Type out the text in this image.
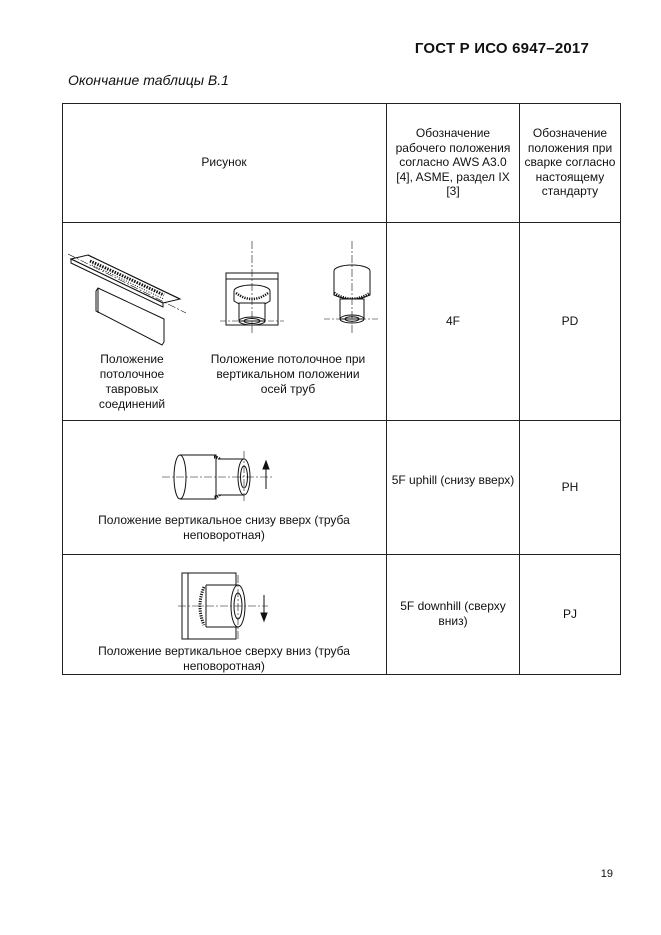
ГОСТ Р ИСО 6947–2017
Окончание таблицы В.1
Рисунок
Обозначение рабочего положения согласно AWS A3.0 [4], ASME, раздел IX [3]
Обозначение положения при сварке согласно настоящему стандарту
4F	PD
Положение потолочное тавровых соединений
Положение потолочное при вертикальном положении осей труб
5F uphill (снизу вверх)
PH
Положение вертикальное снизу вверх (труба неповоротная)
5F downhill (сверху вниз)	PJ
Положение вертикальное сверху вниз (труба неповоротная)
19
